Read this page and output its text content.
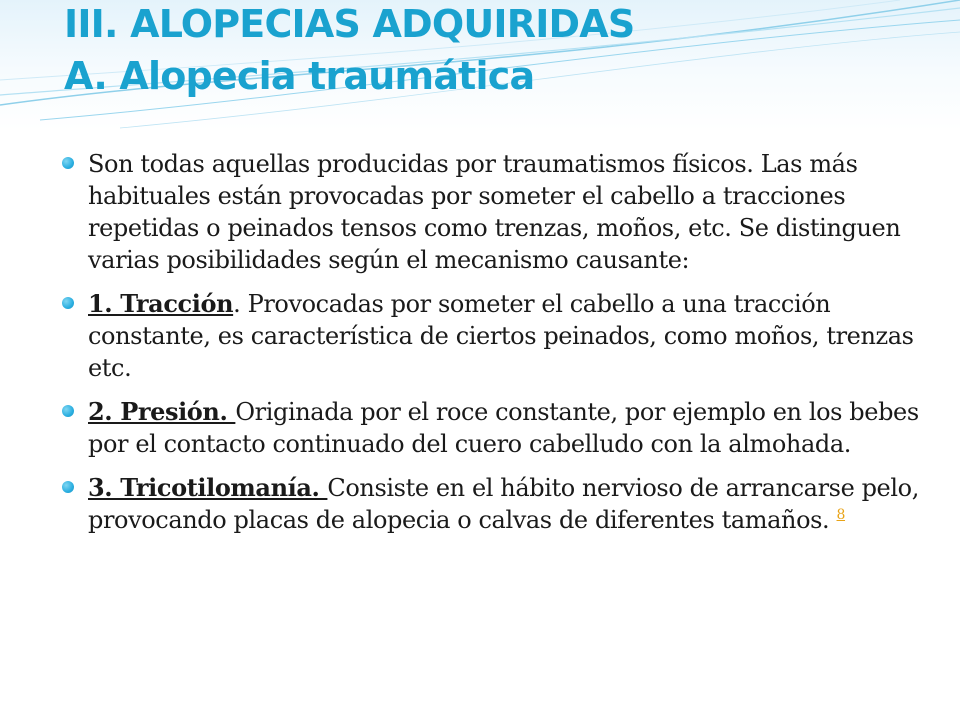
III. ALOPECIAS ADQUIRIDAS
A. Alopecia traumática
Son todas aquellas producidas por traumatismos físicos. Las más habituales están provocadas por someter el cabello a tracciones repetidas o peinados tensos como trenzas, moños, etc. Se distinguen varias posibilidades según el mecanismo causante:
1. Tracción. Provocadas por someter el cabello a una tracción constante, es característica de ciertos peinados, como moños, trenzas etc.
2. Presión. Originada por el roce constante, por ejemplo en los bebes por el contacto continuado del cuero cabelludo con la almohada.
3. Tricotilomanía. Consiste en el hábito nervioso de arrancarse pelo, provocando placas de alopecia o calvas de diferentes tamaños. $^8$
